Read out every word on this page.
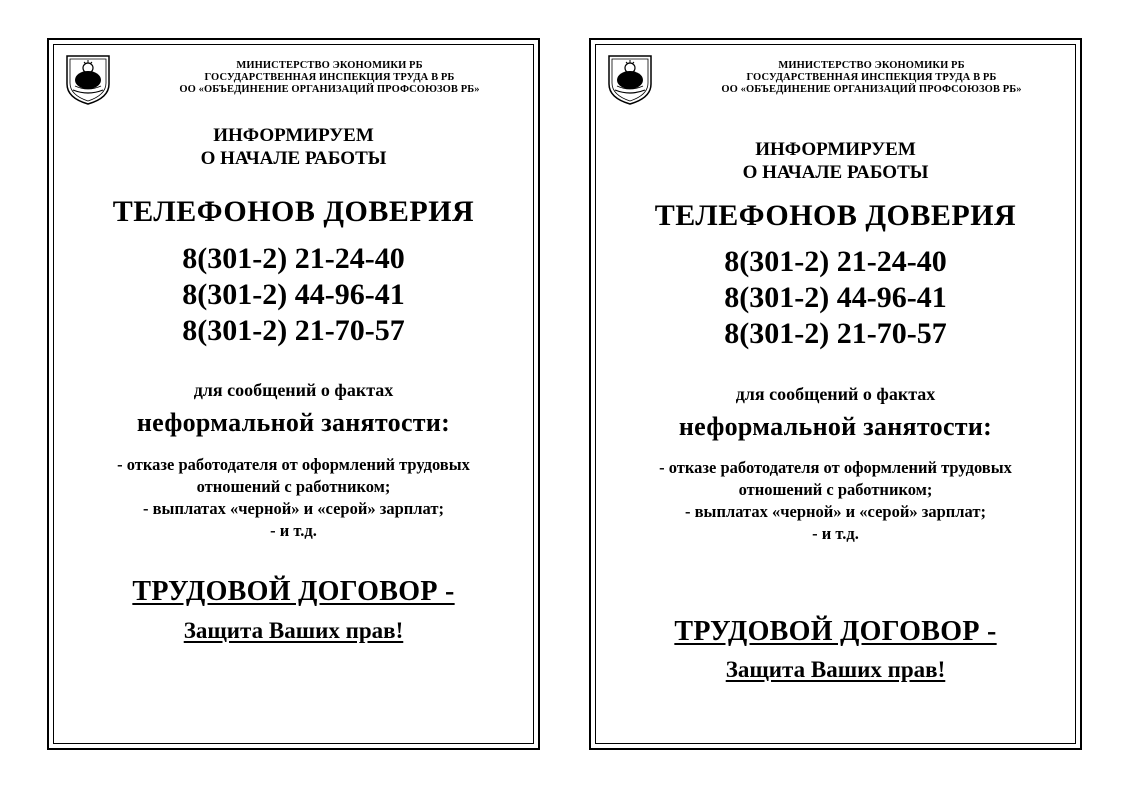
МИНИСТЕРСТВО ЭКОНОМИКИ РБ
ГОСУДАРСТВЕННАЯ ИНСПЕКЦИЯ ТРУДА В РБ
ОО «ОБЪЕДИНЕНИЕ ОРГАНИЗАЦИЙ ПРОФСОЮЗОВ РБ»
ИНФОРМИРУЕМ
О НАЧАЛЕ РАБОТЫ
ТЕЛЕФОНОВ ДОВЕРИЯ
8(301-2) 21-24-40
8(301-2) 44-96-41
8(301-2) 21-70-57
для сообщений о фактах
неформальной занятости:
- отказе работодателя от оформлений трудовых
отношений с работником;
- выплатах «черной» и «серой» зарплат;
- и т.д.
ТРУДОВОЙ ДОГОВОР -
Защита Ваших прав!
МИНИСТЕРСТВО ЭКОНОМИКИ РБ
ГОСУДАРСТВЕННАЯ ИНСПЕКЦИЯ ТРУДА В РБ
ОО «ОБЪЕДИНЕНИЕ ОРГАНИЗАЦИЙ ПРОФСОЮЗОВ РБ»
ИНФОРМИРУЕМ
О НАЧАЛЕ РАБОТЫ
ТЕЛЕФОНОВ ДОВЕРИЯ
8(301-2) 21-24-40
8(301-2) 44-96-41
8(301-2) 21-70-57
для сообщений о фактах
неформальной занятости:
- отказе работодателя от оформлений трудовых
отношений с работником;
- выплатах «черной» и «серой» зарплат;
- и т.д.
ТРУДОВОЙ ДОГОВОР -
Защита Ваших прав!
